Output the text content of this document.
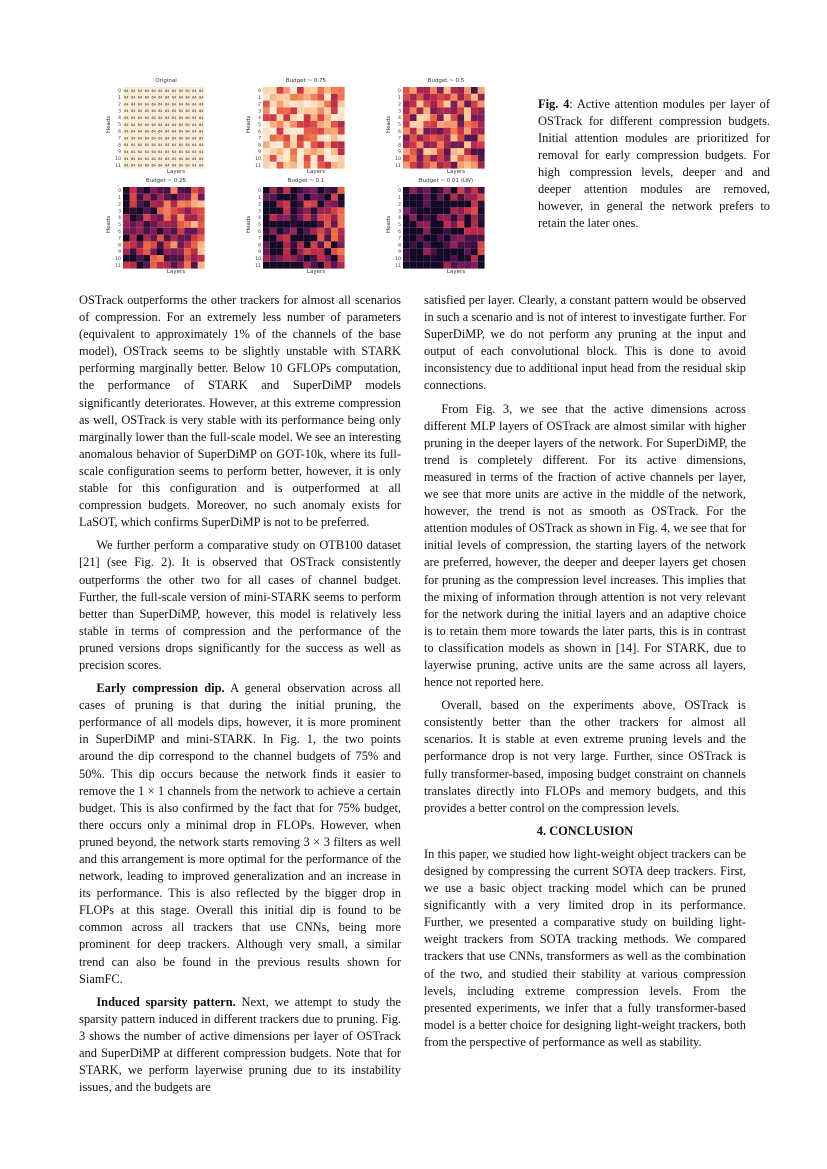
Original
0 64 64 64 64 64 64 64 64 64 64 64 64
1 64 64 64 64 64 64 64 64 64 64 64 64
2 64 64 64 64 64 64 64 64 64 64 64 64
3 64 64 64 64 64 64 64 64 64 64 64 64
4 64 64 64 64 64 64 64 64 64 64 64 64
5 64 64 64 64 64 64 64 64 64 64 64 64
6 64 64 64 64 64 64 64 64 64 64 64 64
7 64 64 64 64 64 64 64 64 64 64 64 64
8 64 64 64 64 64 64 64 64 64 64 64 64
9 64 64 64 64 64 64 64 64 64 64 64 64
10 64 64 64 64 64 64 64 64 64 64 64 64
11 64 64 64 64 64 64 64 64 64 64 64 64
Heads
Layers
Budget ~ 0.75
0
1
2
3
4
5
6
7
8
9
10
11
Heads
Layers
Budget ~ 0.5
0
1
2
3
4
5
6
7
8
9
10
11
Heads
Layers
Budget ~ 0.25
0
1
2
3
4
5
6
7
8
9
10
11
Heads
Layers
Budget ~ 0.1
0
1
2
3
4
5
6
7
8
9
10
11
Heads
Layers
Budget ~ 0.01 (LW)
0
1
2
3
4
5
6
7
8
9
10
11
Heads
Layers
Fig. 4: Active attention modules per layer of OSTrack for different compression budgets. Initial attention modules are prioritized for removal for early compression budgets. For high compression levels, deeper and and deeper attention modules are removed, however, in general the network prefers to retain the later ones.

OSTrack outperforms the other trackers for almost all scenarios of compression. For an extremely less number of parameters (equivalent to approximately 1% of the channels of the base model), OSTrack seems to be slightly unstable with STARK performing marginally better. Below 10 GFLOPs computation, the performance of STARK and SuperDiMP models significantly deteriorates. However, at this extreme compression as well, OSTrack is very stable with its performance being only marginally lower than the full-scale model. We see an interesting anomalous behavior of SuperDiMP on GOT-10k, where its full-scale configuration seems to perform better, however, it is only stable for this configuration and is outperformed at all compression budgets. Moreover, no such anomaly exists for LaSOT, which confirms SuperDiMP is not to be preferred.

We further perform a comparative study on OTB100 dataset [21] (see Fig. 2). It is observed that OSTrack consistently outperforms the other two for all cases of channel budget. Further, the full-scale version of mini-STARK seems to perform better than SuperDiMP, however, this model is relatively less stable in terms of compression and the performance of the pruned versions drops significantly for the success as well as precision scores.

Early compression dip. A general observation across all cases of pruning is that during the initial pruning, the performance of all models dips, however, it is more prominent in SuperDiMP and mini-STARK. In Fig. 1, the two points around the dip correspond to the channel budgets of 75% and 50%. This dip occurs because the network finds it easier to remove the 1 × 1 channels from the network to achieve a certain budget. This is also confirmed by the fact that for 75% budget, there occurs only a minimal drop in FLOPs. However, when pruned beyond, the network starts removing 3 × 3 filters as well and this arrangement is more optimal for the performance of the network, leading to improved generalization and an increase in its performance. This is also reflected by the bigger drop in FLOPs at this stage. Overall this initial dip is found to be common across all trackers that use CNNs, being more prominent for deep trackers. Although very small, a similar trend can also be found in the previous results shown for SiamFC.

Induced sparsity pattern. Next, we attempt to study the sparsity pattern induced in different trackers due to pruning. Fig. 3 shows the number of active dimensions per layer of OSTrack and SuperDiMP at different compression budgets. Note that for STARK, we perform layerwise pruning due to its instability issues, and the budgets are

satisfied per layer. Clearly, a constant pattern would be observed in such a scenario and is not of interest to investigate further. For SuperDiMP, we do not perform any pruning at the input and output of each convolutional block. This is done to avoid inconsistency due to additional input head from the residual skip connections.

From Fig. 3, we see that the active dimensions across different MLP layers of OSTrack are almost similar with higher pruning in the deeper layers of the network. For SuperDiMP, the trend is completely different. For its active dimensions, measured in terms of the fraction of active channels per layer, we see that more units are active in the middle of the network, however, the trend is not as smooth as OSTrack. For the attention modules of OSTrack as shown in Fig. 4, we see that for initial levels of compression, the starting layers of the network are preferred, however, the deeper and deeper layers get chosen for pruning as the compression level increases. This implies that the mixing of information through attention is not very relevant for the network during the initial layers and an adaptive choice is to retain them more towards the later parts, this is in contrast to classification models as shown in [14]. For STARK, due to layerwise pruning, active units are the same across all layers, hence not reported here.

Overall, based on the experiments above, OSTrack is consistently better than the other trackers for almost all scenarios. It is stable at even extreme pruning levels and the performance drop is not very large. Further, since OSTrack is fully transformer-based, imposing budget constraint on channels translates directly into FLOPs and memory budgets, and this provides a better control on the compression levels.

4. CONCLUSION

In this paper, we studied how light-weight object trackers can be designed by compressing the current SOTA deep trackers. First, we use a basic object tracking model which can be pruned significantly with a very limited drop in its performance. Further, we presented a comparative study on building light-weight trackers from SOTA tracking methods. We compared trackers that use CNNs, transformers as well as the combination of the two, and studied their stability at various compression levels, including extreme compression levels. From the presented experiments, we infer that a fully transformer-based model is a better choice for designing light-weight trackers, both from the perspective of performance as well as stability.
